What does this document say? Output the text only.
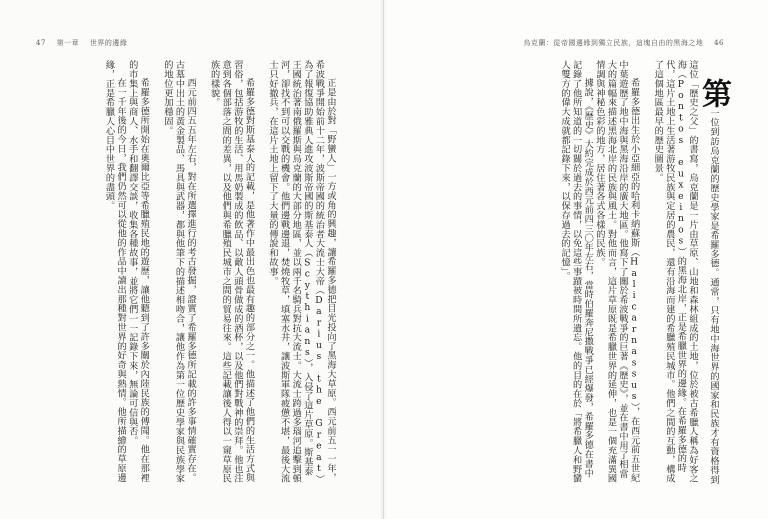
47 第一章 世界的邊緣

正是由於對「野蠻人」一方或角的興趣，讓希羅多德把目光投向了黑海大草原。西元前五一一年，希波戰爭開始前十二年，波斯帝國的統治者大流士大帝（Darius the Great）為了報復協助雅典人進攻波斯帝國的斯基泰人（Scythians），入侵了這片草原。斯基泰王國統治著南俄羅斯與烏克蘭的大部分地區，並以兩千名騎兵對抗大流士。大流士跨過多瑙河追擊到頓河，卻找不到可以交戰的機會。他們邊戰邊退，焚燒牧草，填塞水井，讓波斯軍隊疲憊不堪，最後大流士只好撤兵，在這片土地上留下了大量的傳說和故事。

希羅多德對斯基泰人的記載，是他著作中最出色也最有趣的部分之一。他描述了他們的生活方式與習俗，包括游牧的生活、用馬奶製成的飲品、以敵人頭骨做成的酒杯，以及他們對戰神的崇拜。他也注意到各個部落之間的差異，以及他們與希臘殖民城市之間的貿易往來。這些記載讓後人得以一窺草原民族的樣貌。

西元前四五五年左右，對在所選擇進行的考古發掘，證實了希羅多德所記載的許多事情確實存在。古墓中出土的黃金製品、馬具與武器，都與他筆下的描述相吻合，讓他作為第一位歷史學家與民族學家的地位更加穩固。

希羅多德所開始在奧爾比亞等希臘殖民地的遊歷，讓他聽到了許多關於內陸民族的傳聞。他在那裡的市集上與商人、水手和翻譯交談，收集各種故事，並將它們一一記錄下來，無論可信與否。

在一千年後的今日，我們仍然可以從他的作品中讀出那種對世界的好奇與熱情。他所描繪的草原邊緣，正是希臘人心目中世界的盡頭。

烏克蘭：從帝國邊緣到獨立民族，這塊自由的黑海之地 46

第一位到訪烏克蘭的歷史學家是希羅多德。通常，只有地中海世界的國家和民族才有資格得到這位「歷史之父」的書寫，烏克蘭是一片由草原、山地和森林組成的土地，位於被古希臘人稱為好客之海（Pontos euxeinos）的黑海北岸，正是希臘世界的邊緣。在希羅多德的時代，這片土地上生活著游牧民族與定居的農民，還有沿海而建的希臘殖民城市。他們之間的互動，構成了這個地區最早的歷史圖景。

希羅多德出生於小亞細亞的哈利卡納蘇斯（Halicarnassus），在西元前五世紀中葉遊歷了地中海與黑海沿岸的廣大地區。他寫下了關於希波戰爭的巨著《歷史》，並在書中用了相當大的篇幅來描述黑海北岸的民族與風土。對他而言，這片草原既是希臘世界的延伸，也是一個充滿異國情調與神秘色彩的地方，居住著各式各樣的民族。

據說，《歷史》大約完成於西元前四三〇年左右，當時伯羅奔尼撒戰爭已經爆發，希羅多德在書中記錄了他所知道的一切關於過去的事情，以免這些事蹟被時間所遺忘。他的目的在於「將希臘人和野蠻人雙方的偉大成就都記錄下來，以保存過去的記憶」。
